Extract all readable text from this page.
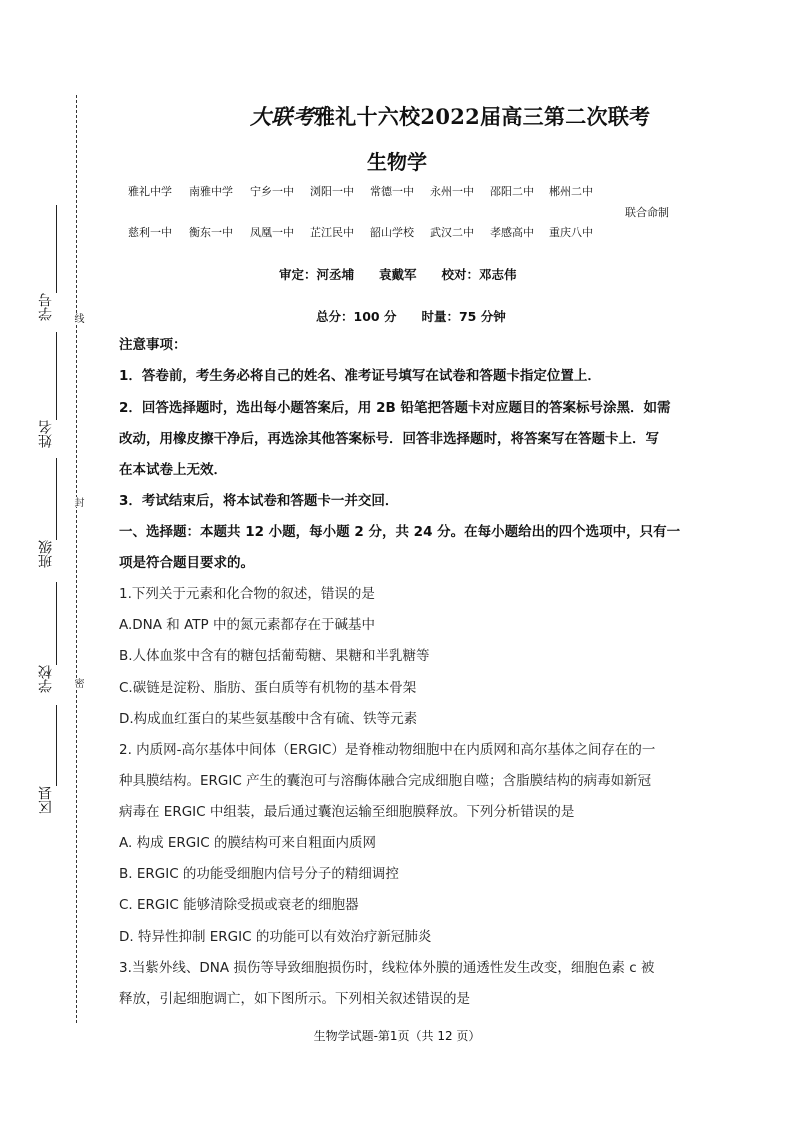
学号
姓名
班级
学校
区县
线
封
密
大联考雅礼十六校2022届高三第二次联考
生物学
雅礼中学 南雅中学 宁乡一中 浏阳一中 常德一中 永州一中 邵阳二中 郴州二中
联合命制
慈利一中 衡东一中 凤凰一中 芷江民中 韶山学校 武汉二中 孝感高中 重庆八中
审定：河丞埔　　袁戴军　　校对：邓志伟
总分：100 分　　时量：75 分钟
注意事项：
1．答卷前，考生务必将自己的姓名、准考证号填写在试卷和答题卡指定位置上．
2．回答选择题时，选出每小题答案后，用 2B 铅笔把答题卡对应题目的答案标号涂黑．如需
改动，用橡皮擦干净后，再选涂其他答案标号．回答非选择题时，将答案写在答题卡上．写
在本试卷上无效．
3．考试结束后，将本试卷和答题卡一并交回．
一、选择题：本题共 12 小题，每小题 2 分，共 24 分。在每小题给出的四个选项中，只有一
项是符合题目要求的。
1.下列关于元素和化合物的叙述，错误的是
A.DNA 和 ATP 中的氮元素都存在于碱基中
B.人体血浆中含有的糖包括葡萄糖、果糖和半乳糖等
C.碳链是淀粉、脂肪、蛋白质等有机物的基本骨架
D.构成血红蛋白的某些氨基酸中含有硫、铁等元素
2. 内质网-高尔基体中间体（ERGIC）是脊椎动物细胞中在内质网和高尔基体之间存在的一
种具膜结构。ERGIC 产生的囊泡可与溶酶体融合完成细胞自噬；含脂膜结构的病毒如新冠
病毒在 ERGIC 中组装，最后通过囊泡运输至细胞膜释放。下列分析错误的是
A. 构成 ERGIC 的膜结构可来自粗面内质网
B. ERGIC 的功能受细胞内信号分子的精细调控
C. ERGIC 能够清除受损或衰老的细胞器
D. 特异性抑制 ERGIC 的功能可以有效治疗新冠肺炎
3.当紫外线、DNA 损伤等导致细胞损伤时，线粒体外膜的通透性发生改变，细胞色素 c 被
释放，引起细胞调亡，如下图所示。下列相关叙述错误的是
生物学试题-第1页（共 12 页）
